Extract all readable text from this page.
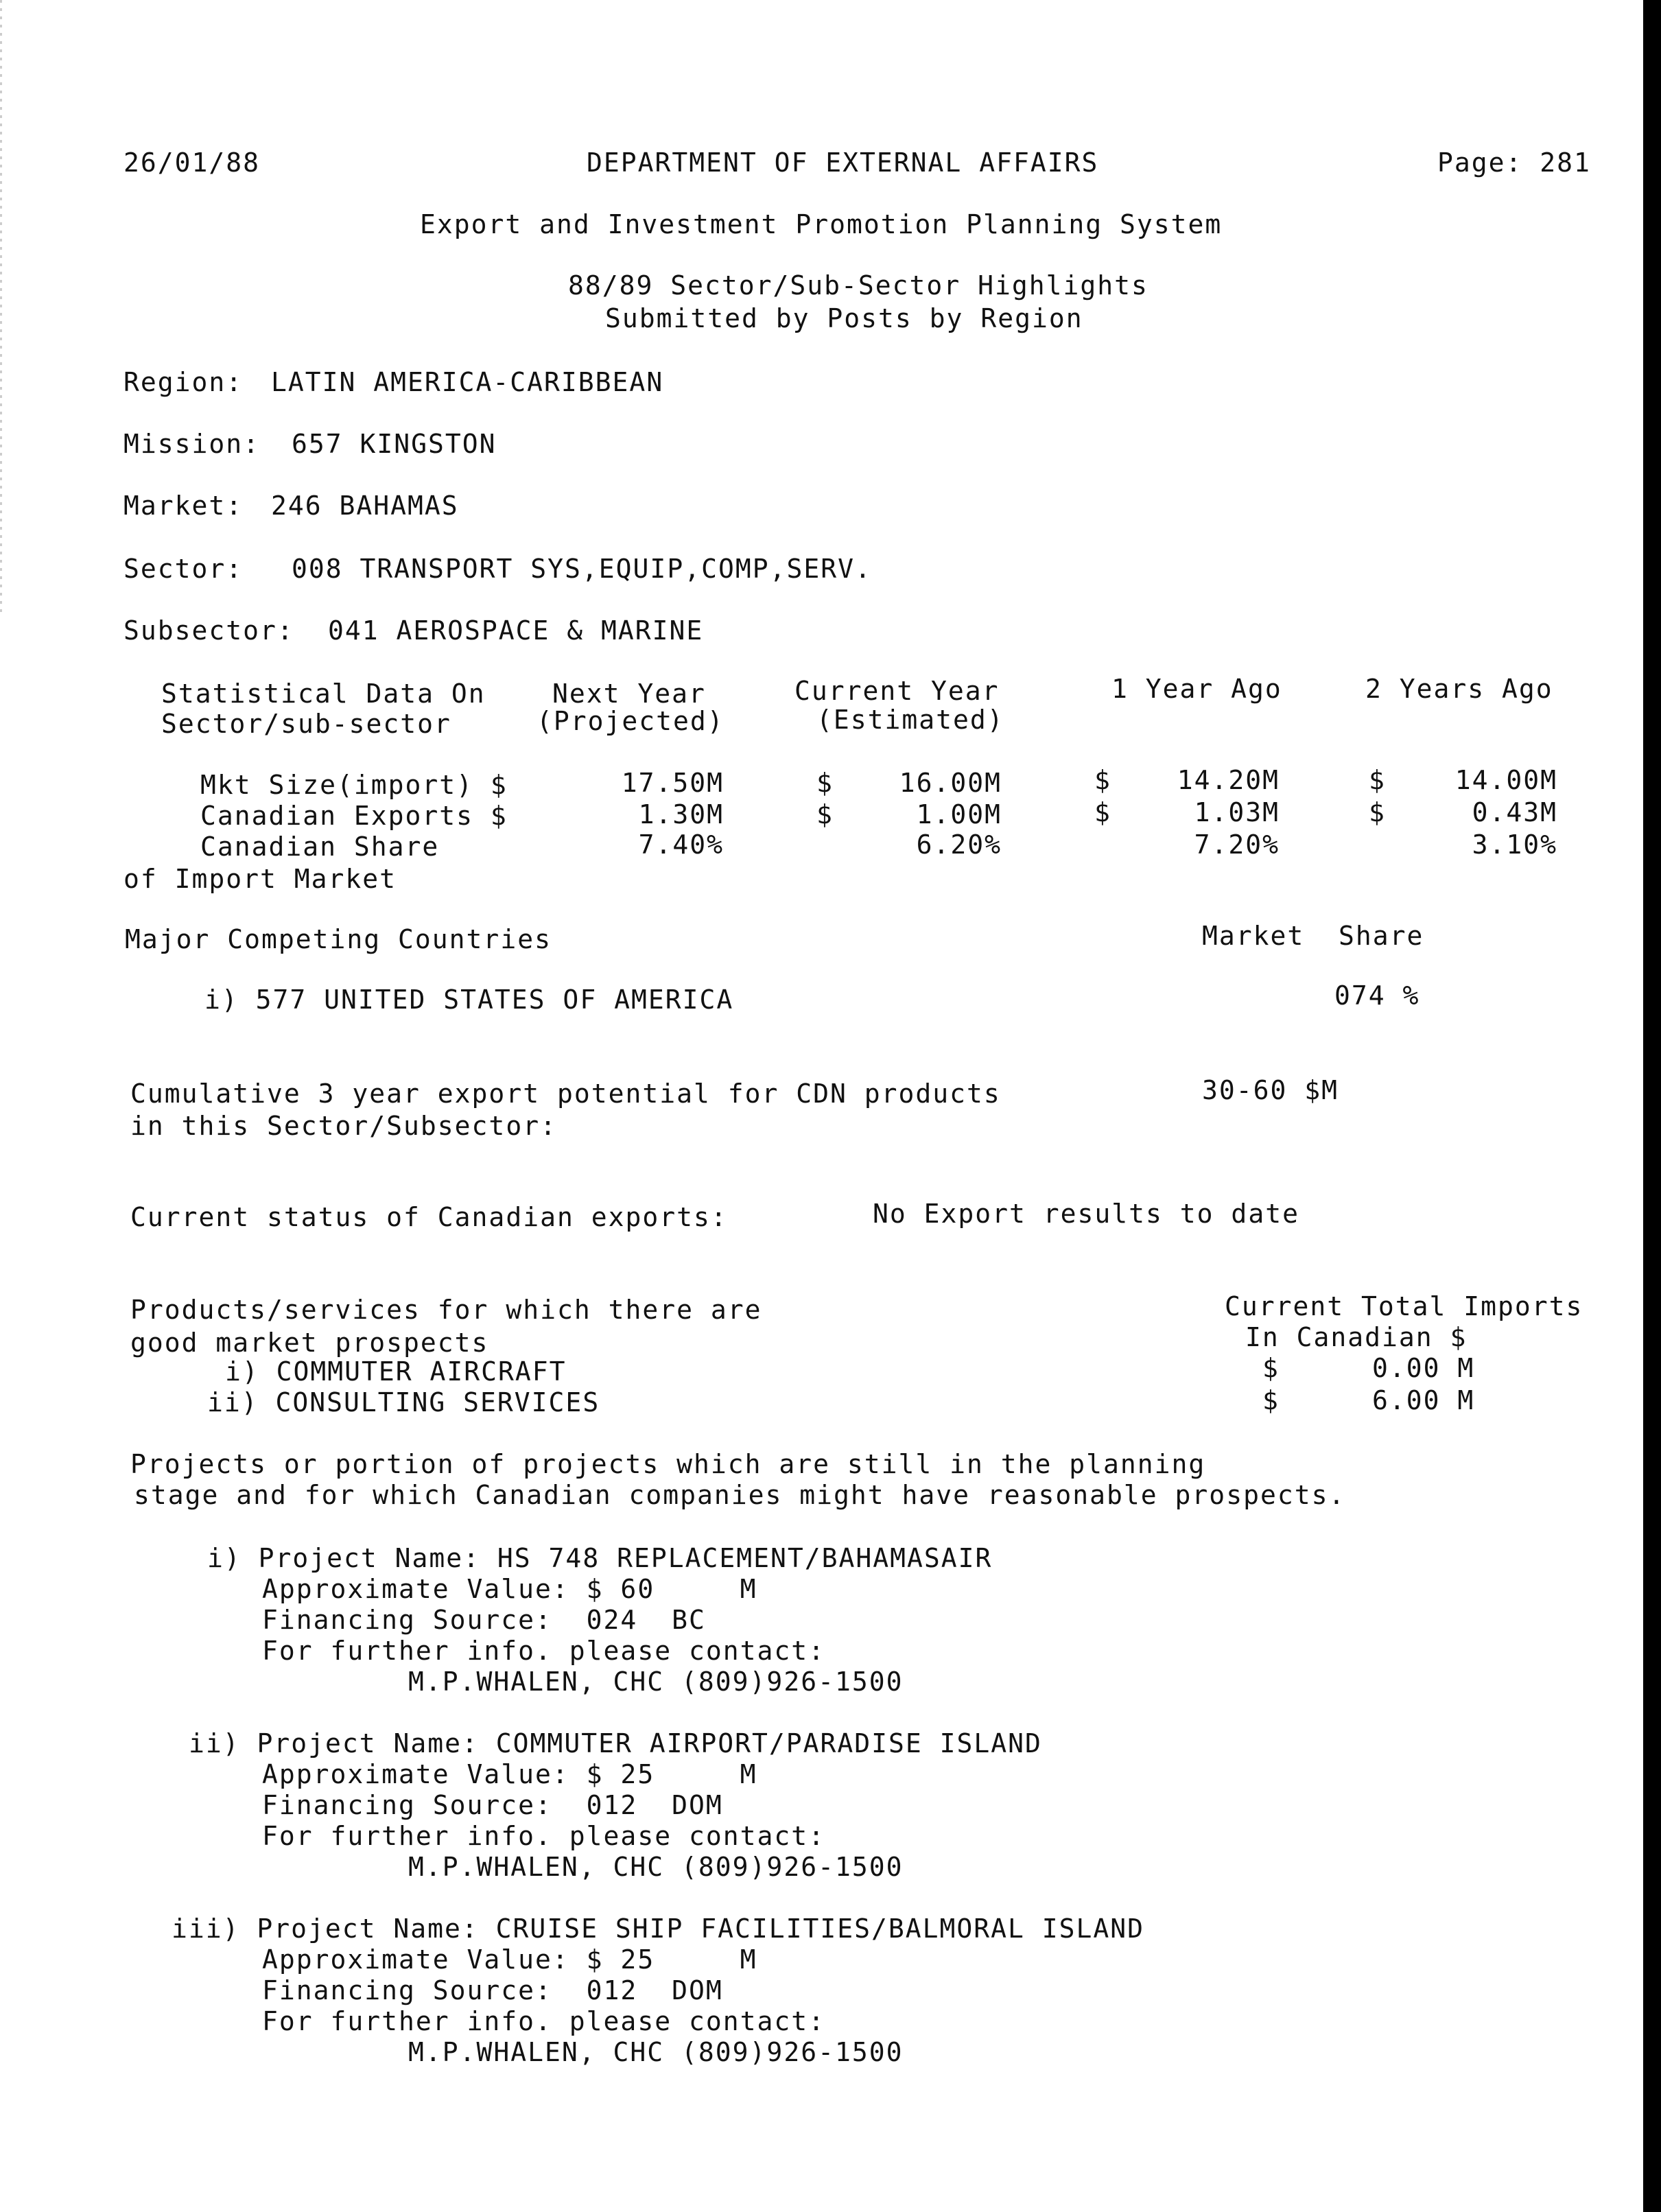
26/01/88	DEPARTMENT OF EXTERNAL AFFAIRS	Page: 281
Export and Investment Promotion Planning System
88/89 Sector/Sub-Sector Highlights
Submitted by Posts by Region
Region: LATIN AMERICA-CARIBBEAN
Mission: 657 KINGSTON
Market: 246 BAHAMAS
Sector: 008 TRANSPORT SYS,EQUIP,COMP,SERV.
Subsector: 041 AEROSPACE & MARINE
Statistical Data On	Next Year	Current Year	1 Year Ago	2 Years Ago
Sector/sub-sector	(Projected)	(Estimated)
Mkt Size(import) $	17.50M	$	16.00M	$	14.20M	$	14.00M
Canadian Exports $	1.30M	$	1.00M	$	1.03M	$	0.43M
Canadian Share	7.40%	6.20%	7.20%	3.10%
of Import Market
Major Competing Countries	Market  Share
i) 577 UNITED STATES OF AMERICA	074 %
Cumulative 3 year export potential for CDN products
in this Sector/Subsector:
30-60 $M
Current status of Canadian exports:	No Export results to date
Products/services for which there are
good market prospects
Current Total Imports
In Canadian $
i) COMMUTER AIRCRAFT	$	0.00 M
ii) CONSULTING SERVICES	$	6.00 M
Projects or portion of projects which are still in the planning
stage and for which Canadian companies might have reasonable prospects.
i) Project Name: HS 748 REPLACEMENT/BAHAMASAIR
Approximate Value: $ 60     M
Financing Source:  024  BC
For further info. please contact:
M.P.WHALEN, CHC (809)926-1500
ii) Project Name: COMMUTER AIRPORT/PARADISE ISLAND
Approximate Value: $ 25     M
Financing Source:  012  DOM
For further info. please contact:
M.P.WHALEN, CHC (809)926-1500
iii) Project Name: CRUISE SHIP FACILITIES/BALMORAL ISLAND
Approximate Value: $ 25     M
Financing Source:  012  DOM
For further info. please contact:
M.P.WHALEN, CHC (809)926-1500
